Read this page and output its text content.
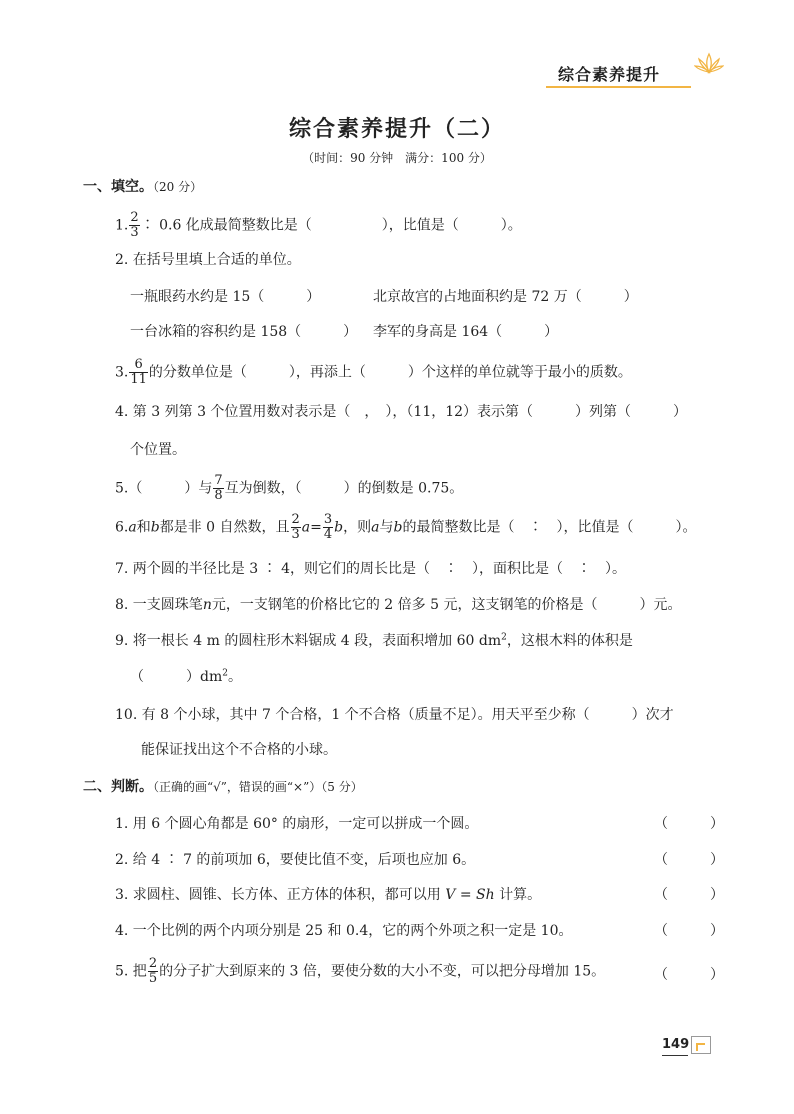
综合素养提升
综合素养提升（二）
（时间：90 分钟　满分：100 分）
一、填空。（20 分）
1. $\frac{2}{3}$ ∶ 0.6 化成最简整数比是（　　　　　），比值是（　　　）。
2. 在括号里填上合适的单位。
一瓶眼药水约是 15（　　　）	北京故宫的占地面积约是 72 万（　　　）
一台冰箱的容积约是 158（　　　） 李军的身高是 164（　　　）
3. $\frac{6}{11}$ 的分数单位是（　　　），再添上（　　　）个这样的单位就等于最小的质数。
4. 第 3 列第 3 个位置用数对表示是（　，　），（11，12）表示第（　　　）列第（　　　）
个位置。
5.（　　　）与 $\frac{7}{8}$ 互为倒数，（　　　）的倒数是 0.75。
6.a和b都是非 0 自然数，且 $\frac{2}{3} a= \frac{3}{4}$ b，则a与b的最简整数比是（　∶　），比值是（　　　）。
7. 两个圆的半径比是 3 ∶ 4，则它们的周长比是（　∶　），面积比是（　∶　）。
8. 一支圆珠笔n元，一支钢笔的价格比它的 2 倍多 5 元，这支钢笔的价格是（　　　）元。
9. 将一根长 4 m 的圆柱形木料锯成 4 段，表面积增加 60 $dm^2$，这根木料的体积是
（　　　）$dm^2$。
10. 有 8 个小球，其中 7 个合格，1 个不合格（质量不足）。用天平至少称（　　　）次才
能保证找出这个不合格的小球。
二、判断。（正确的画“√”，错误的画“×”）（5 分）
1. 用 6 个圆心角都是 60° 的扇形，一定可以拼成一个圆。	（　　　）
2. 给 4 ∶ 7 的前项加 6，要使比值不变，后项也应加 6。	（　　　）
3. 求圆柱、圆锥、长方体、正方体的体积，都可以用 V = Sh 计算。	（　　　）
4. 一个比例的两个内项分别是 25 和 0.4，它的两个外项之积一定是 10。	（　　　）
5. 把 $\frac{2}{5}$ 的分子扩大到原来的 3 倍，要使分数的大小不变，可以把分母增加 15。	（　　　）
149
